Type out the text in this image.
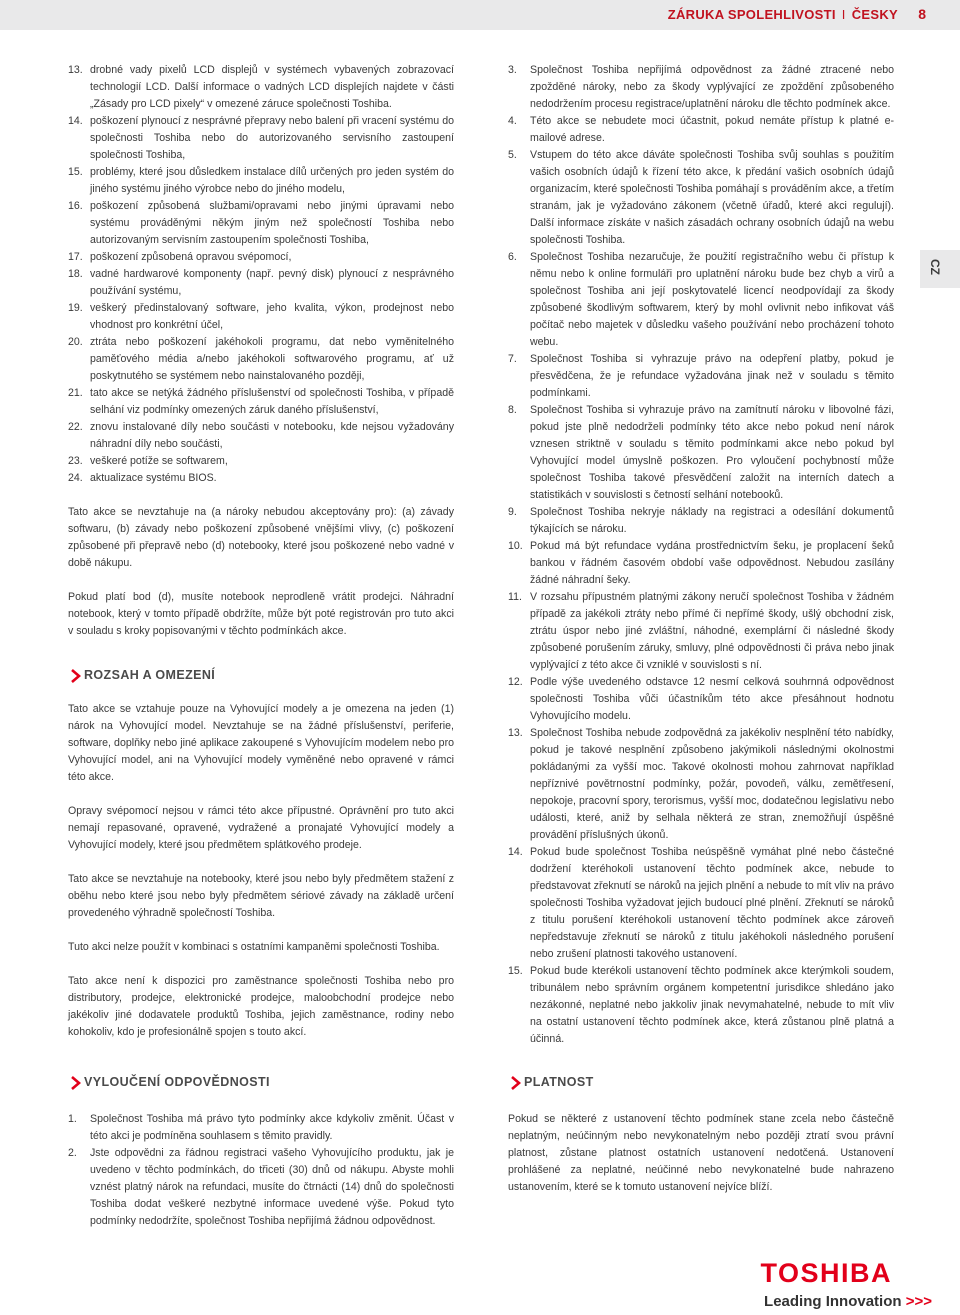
ZÁRUKA SPOLEHLIVOSTI I ČESKY 8
CZ
13. drobné vady pixelů LCD displejů v systémech vybavených zobrazovací technologií LCD. Další informace o vadných LCD displejích najdete v části „Zásady pro LCD pixely“ v omezené záruce společnosti Toshiba.
14. poškození plynoucí z nesprávné přepravy nebo balení při vracení systému do společnosti Toshiba nebo do autorizovaného servisního zastoupení společnosti Toshiba,
15. problémy, které jsou důsledkem instalace dílů určených pro jeden systém do jiného systému jiného výrobce nebo do jiného modelu,
16. poškození způsobená službami/opravami nebo jinými úpravami nebo systému prováděnými někým jiným než společností Toshiba nebo autorizovaným servisním zastoupením společnosti Toshiba,
17. poškození způsobená opravou svépomocí,
18. vadné hardwarové komponenty (např. pevný disk) plynoucí z nesprávného používání systému,
19. veškerý předinstalovaný software, jeho kvalita, výkon, prodejnost nebo vhodnost pro konkrétní účel,
20. ztráta nebo poškození jakéhokoli programu, dat nebo vyměnitelného paměťového média a/nebo jakéhokoli softwarového programu, ať už poskytnutého se systémem nebo nainstalovaného později,
21. tato akce se netýká žádného příslušenství od společnosti Toshiba, v případě selhání viz podmínky omezených záruk daného příslušenství,
22. znovu instalované díly nebo součásti v notebooku, kde nejsou vyžadovány náhradní díly nebo součásti,
23. veškeré potíže se softwarem,
24. aktualizace systému BIOS.

Tato akce se nevztahuje na (a nároky nebudou akceptovány pro): (a) závady softwaru, (b) závady nebo poškození způsobené vnějšími vlivy, (c) poškození způsobené při přepravě nebo (d) notebooky, které jsou poškozené nebo vadné v době nákupu.

Pokud platí bod (d), musíte notebook neprodleně vrátit prodejci. Náhradní notebook, který v tomto případě obdržíte, může být poté registrován pro tuto akci v souladu s kroky popisovanými v těchto podmínkách akce.

ROZSAH A OMEZENÍ

Tato akce se vztahuje pouze na Vyhovující modely a je omezena na jeden (1) nárok na Vyhovující model. Nevztahuje se na žádné příslušenství, periferie, software, doplňky nebo jiné aplikace zakoupené s Vyhovujícím modelem nebo pro Vyhovující model, ani na Vyhovující modely vyměněné nebo opravené v rámci této akce.

Opravy svépomocí nejsou v rámci této akce přípustné. Oprávnění pro tuto akci nemají repasované, opravené, vydražené a pronajaté Vyhovující modely a Vyhovující modely, které jsou předmětem splátkového prodeje.

Tato akce se nevztahuje na notebooky, které jsou nebo byly předmětem stažení z oběhu nebo které jsou nebo byly předmětem sériové závady na základě určení provedeného výhradně společností Toshiba.

Tuto akci nelze použít v kombinaci s ostatními kampaněmi společnosti Toshiba.

Tato akce není k dispozici pro zaměstnance společnosti Toshiba nebo pro distributory, prodejce, elektronické prodejce, maloobchodní prodejce nebo jakékoliv jiné dodavatele produktů Toshiba, jejich zaměstnance, rodiny nebo kohokoliv, kdo je profesionálně spojen s touto akcí.

3.	Společnost Toshiba nepřijímá odpovědnost za žádné ztracené nebo zpožděné nároky, nebo za škody vyplývající ze zpoždění způsobeného nedodržením procesu registrace/uplatnění nároku dle těchto podmínek akce.
4.	Této akce se nebudete moci účastnit, pokud nemáte přístup k platné e-mailové adrese.
5.	Vstupem do této akce dáváte společnosti Toshiba svůj souhlas s použitím vašich osobních údajů k řízení této akce, k předání vašich osobních údajů organizacím, které společnosti Toshiba pomáhají s prováděním akce, a třetím stranám, jak je vyžadováno zákonem (včetně úřadů, které akci regulují). Další informace získáte v našich zásadách ochrany osobních údajů na webu společnosti Toshiba.
6.	Společnost Toshiba nezaručuje, že použití registračního webu či přístup k němu nebo k online formuláři pro uplatnění nároku bude bez chyb a virů a společnost Toshiba ani její poskytovatelé licencí neodpovídají za škody způsobené škodlivým softwarem, který by mohl ovlivnit nebo infikovat váš počítač nebo majetek v důsledku vašeho používání nebo procházení tohoto webu.
7.	Společnost Toshiba si vyhrazuje právo na odepření platby, pokud je přesvědčena, že je refundace vyžadována jinak než v souladu s těmito podmínkami.
8.	Společnost Toshiba si vyhrazuje právo na zamítnutí nároku v libovolné fázi, pokud jste plně nedodrželi podmínky této akce nebo pokud není nárok vznesen striktně v souladu s těmito podmínkami akce nebo pokud byl Vyhovující model úmyslně poškozen. Pro vyloučení pochybností může společnost Toshiba takové přesvědčení založit na interních datech a statistikách v souvislosti s četností selhání notebooků.
9.	Společnost Toshiba nekryje náklady na registraci a odesílání dokumentů týkajících se nároku.
10. Pokud má být refundace vydána prostřednictvím šeku, je proplacení šeků bankou v řádném časovém období vaše odpovědnost. Nebudou zasílány žádné náhradní šeky.
11. V rozsahu přípustném platnými zákony neručí společnost Toshiba v žádném případě za jakékoli ztráty nebo přímé či nepřímé škody, ušlý obchodní zisk, ztrátu úspor nebo jiné zvláštní, náhodné, exemplární či následné škody způsobené porušením záruky, smluvy, plné odpovědnosti či práva nebo jinak vyplývající z této akce či vzniklé v souvislosti s ní.
12. Podle výše uvedeného odstavce 12 nesmí celková souhrnná odpovědnost společnosti Toshiba vůči účastníkům této akce přesáhnout hodnotu Vyhovujícího modelu.
13. Společnost Toshiba nebude zodpovědná za jakékoliv nesplnění této nabídky, pokud je takové nesplnění způsobeno jakýmikoli následnými okolnostmi pokládanými za vyšší moc. Takové okolnosti mohou zahrnovat například nepříznivé povětrnostní podmínky, požár, povodeň, válku, zemětřesení, nepokoje, pracovní spory, terorismus, vyšší moc, dodatečnou legislativu nebo události, které, aniž by selhala některá ze stran, znemožňují úspěšné provádění příslušných úkonů.
14. Pokud bude společnost Toshiba neúspěšně vymáhat plné nebo částečné dodržení kteréhokoli ustanovení těchto podmínek akce, nebude to představovat zřeknutí se nároků na jejich plnění a nebude to mít vliv na právo společnosti Toshiba vyžadovat jejich budoucí plné plnění. Zřeknutí se nároků z titulu porušení kteréhokoli ustanovení těchto podmínek akce zároveň nepředstavuje zřeknutí se nároků z titulu jakéhokoli následného porušení nebo zrušení platnosti takového ustanovení.
15. Pokud bude kterékoli ustanovení těchto podmínek akce kterýmkoli soudem, tribunálem nebo správním orgánem kompetentní jurisdikce shledáno jako nezákonné, neplatné nebo jakkoliv jinak nevymahatelné, nebude to mít vliv na ostatní ustanovení těchto podmínek akce, která zůstanou plně platná a účinná.
VYLOUČENÍ ODPOVĚDNOSTI
1.	Společnost Toshiba má právo tyto podmínky akce kdykoliv změnit. Účast v této akci je podmíněna souhlasem s těmito pravidly.
2.	Jste odpovědni za řádnou registraci vašeho Vyhovujícího produktu, jak je uvedeno v těchto podmínkách, do třiceti (30) dnů od nákupu. Abyste mohli vznést platný nárok na refundaci, musíte do čtrnácti (14) dnů do společnosti Toshiba dodat veškeré nezbytné informace uvedené výše. Pokud tyto podmínky nedodržíte, společnost Toshiba nepřijímá žádnou odpovědnost.
PLATNOST

Pokud se některé z ustanovení těchto podmínek stane zcela nebo částečně neplatným, neúčinným nebo nevykonatelným nebo později ztratí svou právní platnost, zůstane platnost ostatních ustanovení nedotčená. Ustanovení prohlášené za neplatné, neúčinné nebo nevykonatelné bude nahrazeno ustanovením, které se k tomuto ustanovení nejvíce blíží.

TOSHIBA
Leading Innovation >>>
